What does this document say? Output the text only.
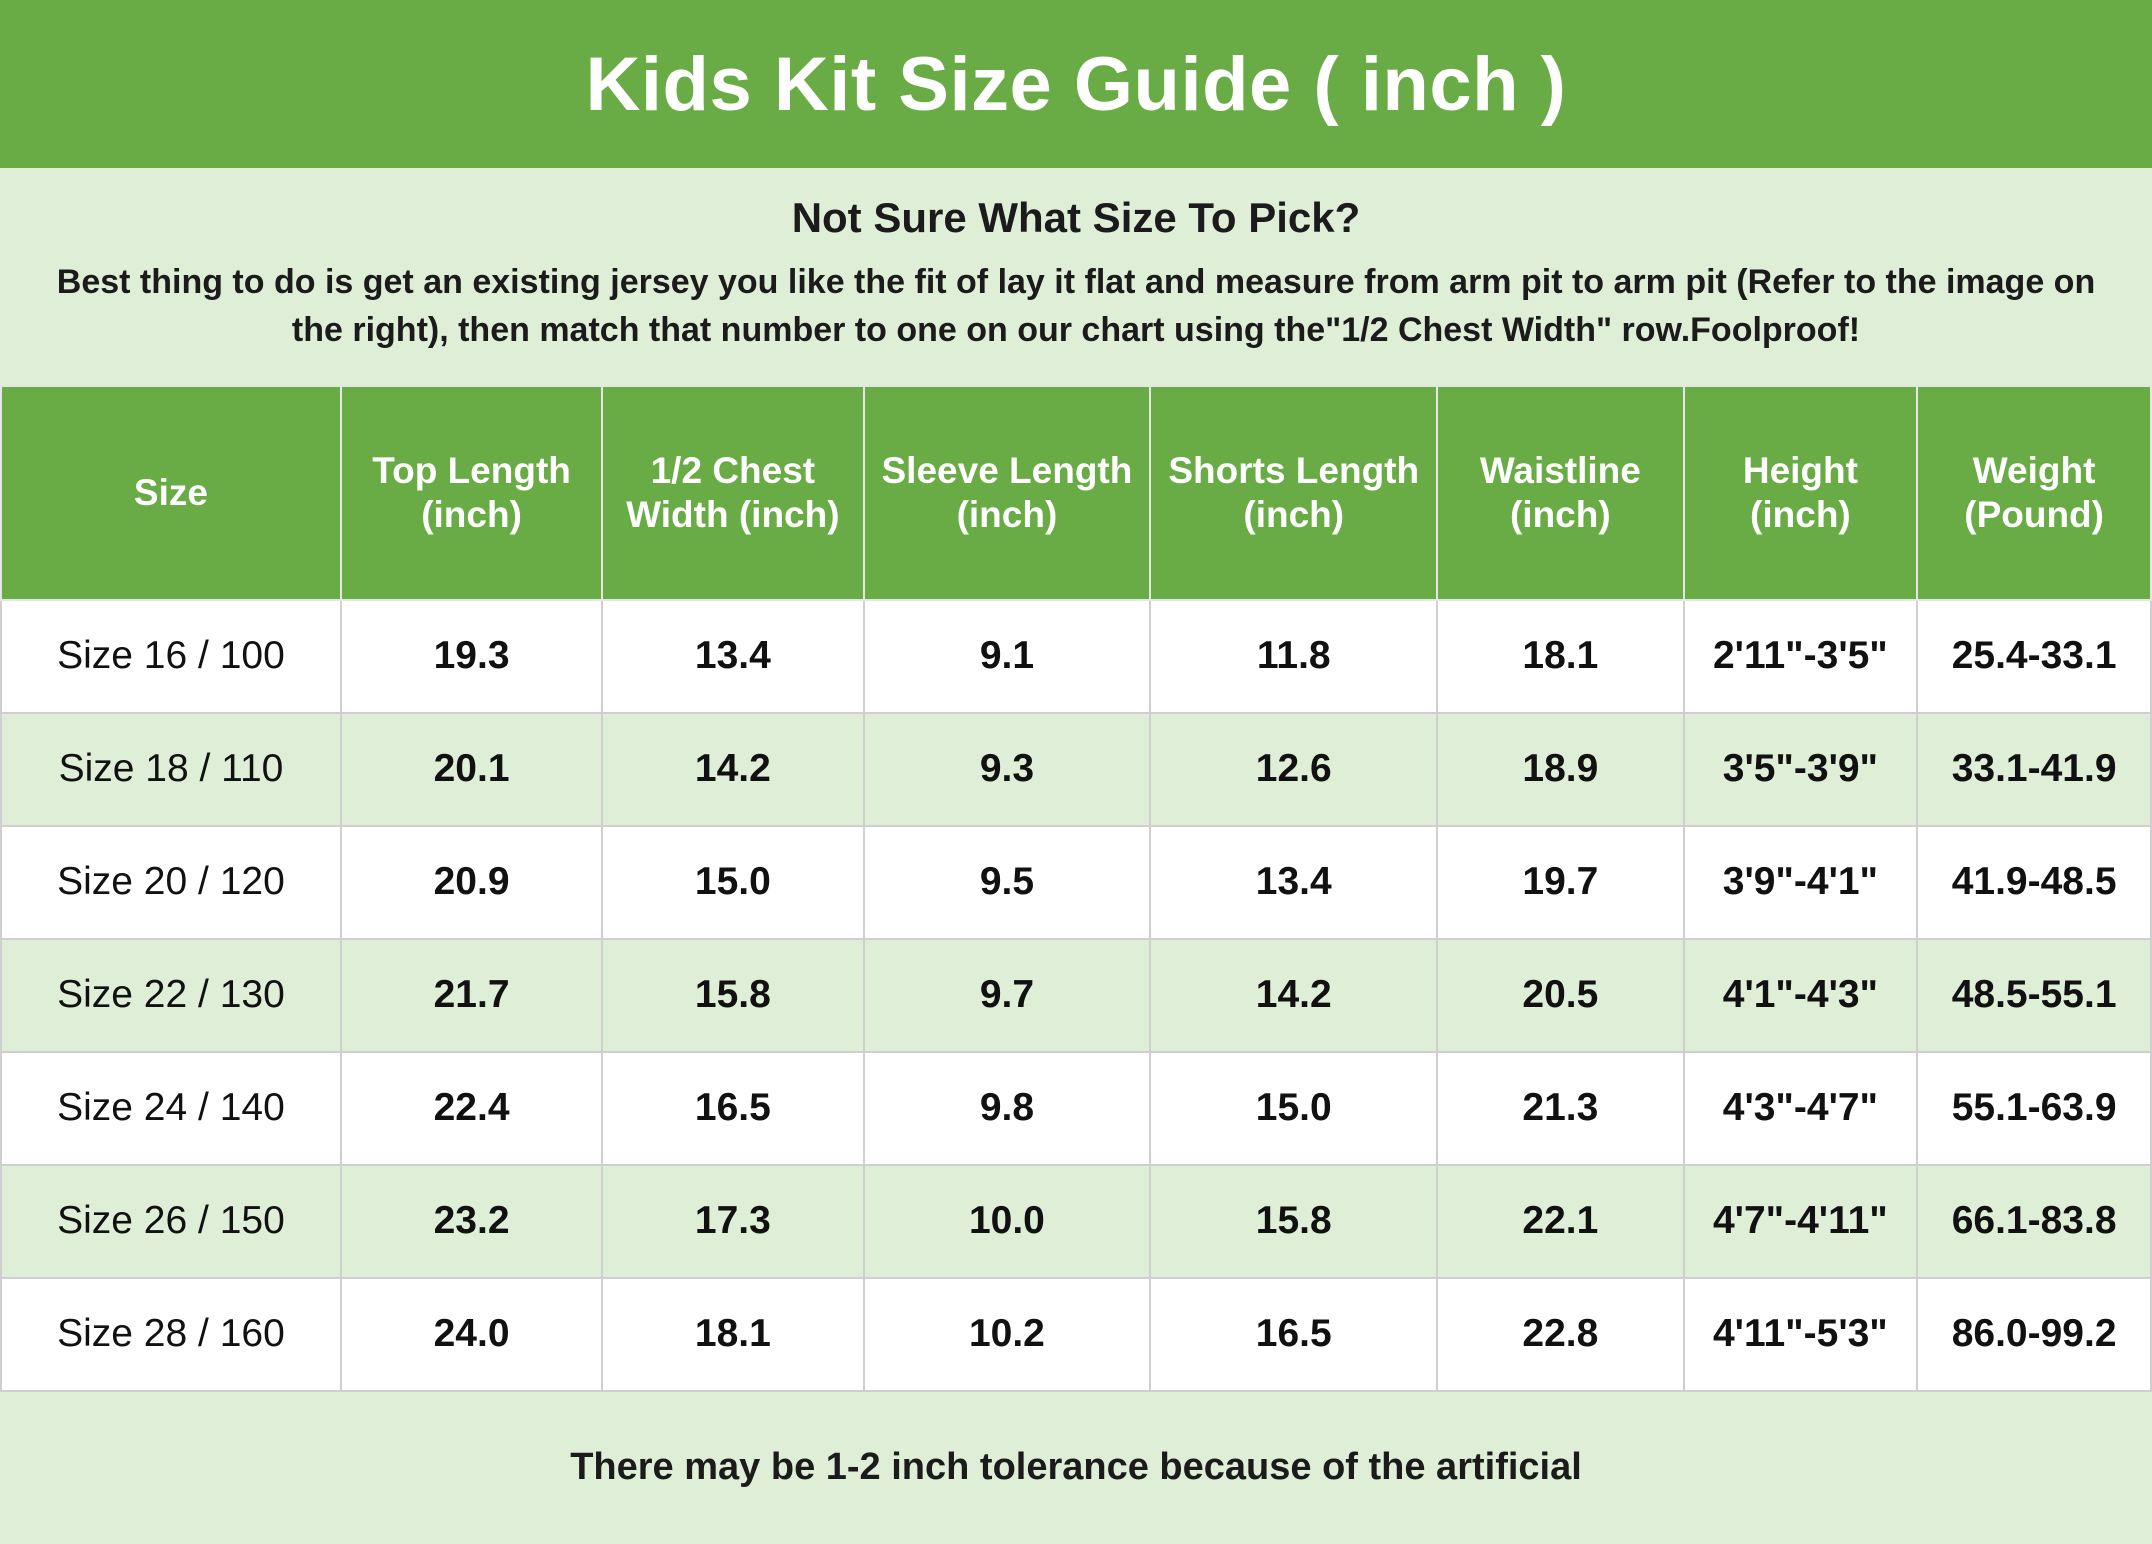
Kids Kit Size Guide ( inch )
Not Sure What Size To Pick?
Best thing to do is get an existing jersey you like the fit of lay it flat and measure from arm pit to arm pit (Refer to the image on the right), then match that number to one on our chart using the"1/2 Chest Width" row.Foolproof!
Size	Top Length (inch)	1/2 Chest Width (inch)	Sleeve Length (inch)	Shorts Length (inch)	Waistline (inch)	Height (inch)	Weight (Pound)
Size 16 / 100	19.3	13.4	9.1	11.8	18.1	2'11"-3'5"	25.4-33.1
Size 18 / 110	20.1	14.2	9.3	12.6	18.9	3'5"-3'9"	33.1-41.9
Size 20 / 120	20.9	15.0	9.5	13.4	19.7	3'9"-4'1"	41.9-48.5
Size 22 / 130	21.7	15.8	9.7	14.2	20.5	4'1"-4'3"	48.5-55.1
Size 24 / 140	22.4	16.5	9.8	15.0	21.3	4'3"-4'7"	55.1-63.9
Size 26 / 150	23.2	17.3	10.0	15.8	22.1	4'7"-4'11"	66.1-83.8
Size 28 / 160	24.0	18.1	10.2	16.5	22.8	4'11"-5'3"	86.0-99.2
There may be 1-2 inch tolerance because of the artificial
